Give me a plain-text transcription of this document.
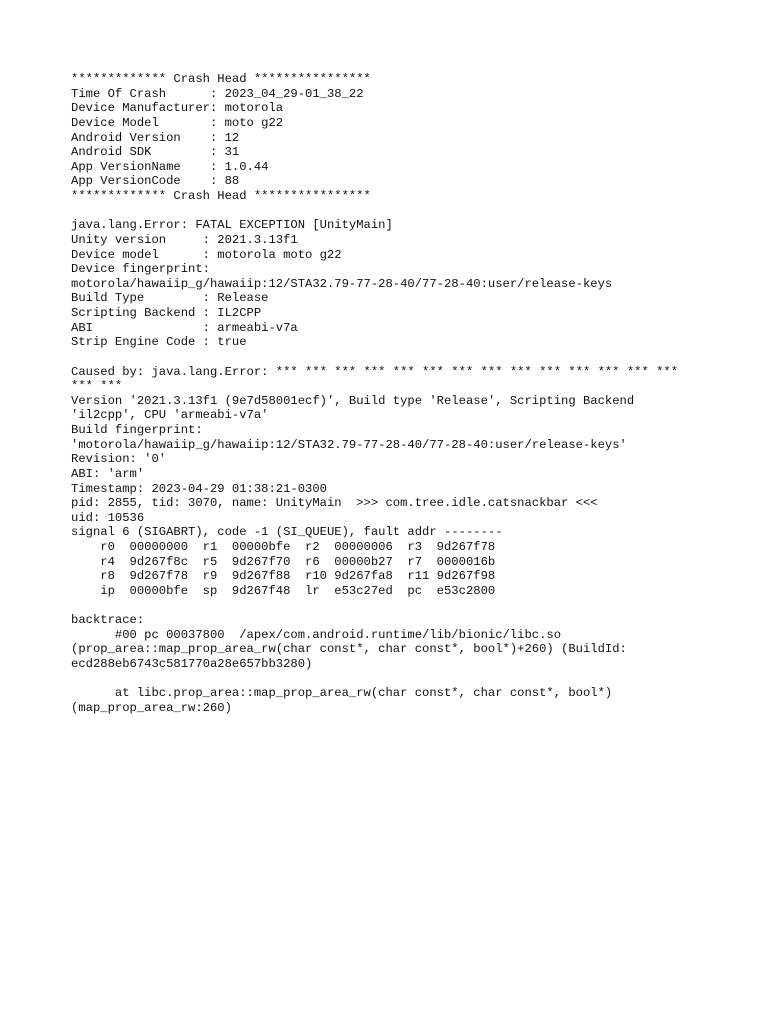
************* Crash Head ****************
Time Of Crash      : 2023_04_29-01_38_22
Device Manufacturer: motorola
Device Model       : moto g22
Android Version    : 12
Android SDK        : 31
App VersionName    : 1.0.44
App VersionCode    : 88
************* Crash Head ****************
java.lang.Error: FATAL EXCEPTION [UnityMain]
Unity version     : 2021.3.13f1
Device model      : motorola moto g22
Device fingerprint:
motorola/hawaiip_g/hawaiip:12/STA32.79-77-28-40/77-28-40:user/release-keys
Build Type        : Release
Scripting Backend : IL2CPP
ABI               : armeabi-v7a
Strip Engine Code : true
Caused by: java.lang.Error: *** *** *** *** *** *** *** *** *** *** *** *** *** ***
*** ***
Version '2021.3.13f1 (9e7d58001ecf)', Build type 'Release', Scripting Backend
'il2cpp', CPU 'armeabi-v7a'
Build fingerprint:
'motorola/hawaiip_g/hawaiip:12/STA32.79-77-28-40/77-28-40:user/release-keys'
Revision: '0'
ABI: 'arm'
Timestamp: 2023-04-29 01:38:21-0300
pid: 2855, tid: 3070, name: UnityMain  >>> com.tree.idle.catsnackbar <<<
uid: 10536
signal 6 (SIGABRT), code -1 (SI_QUEUE), fault addr --------
r0  00000000  r1  00000bfe  r2  00000006  r3  9d267f78
r4  9d267f8c  r5  9d267f70  r6  00000b27  r7  0000016b
r8  9d267f78  r9  9d267f88  r10 9d267fa8  r11 9d267f98
ip  00000bfe  sp  9d267f48  lr  e53c27ed  pc  e53c2800
backtrace:
#00 pc 00037800  /apex/com.android.runtime/lib/bionic/libc.so
(prop_area::map_prop_area_rw(char const*, char const*, bool*)+260) (BuildId:
ecd288eb6743c581770a28e657bb3280)
at libc.prop_area::map_prop_area_rw(char const*, char const*, bool*)
(map_prop_area_rw:260)
